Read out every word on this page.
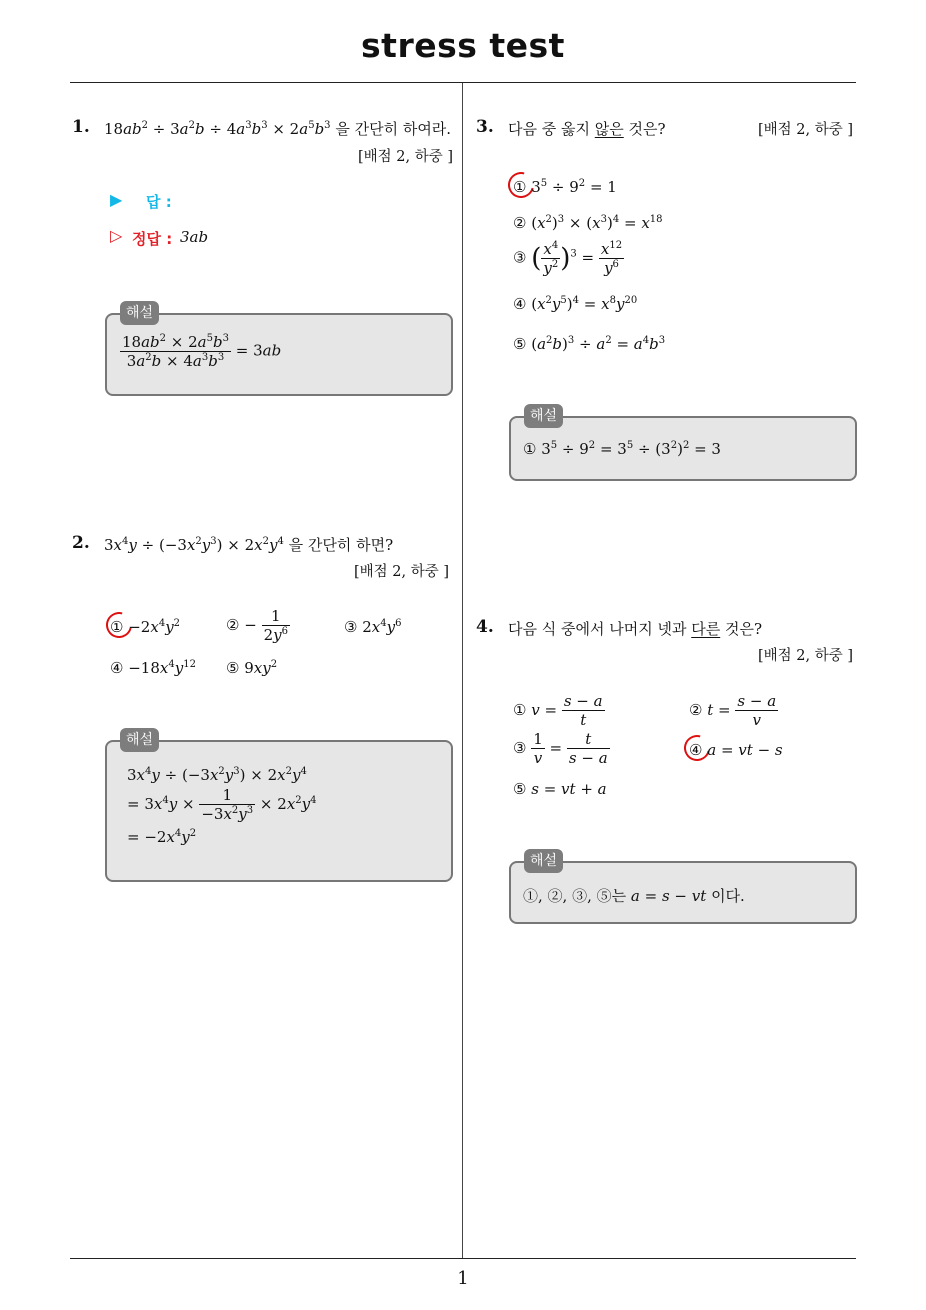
stress test
1
1. $18ab^2 \div 3a^2b \div 4a^3b^3 \times 2a^5b^3$ 을 간단히 하여라.
[배점 2, 하중 ]
▶ 답 :
▷ 정답 : 3ab
$\frac{18ab^2 \times 2a^5b^3}{3a^2b \times 4a^3b^3} = 3ab$
해설
2. $3x^4y \div (-3x^2y^3) \times 2x^2y^4$ 을 간단히 하면?
[배점 2, 하중 ]
① $-2x^4y^2$	② − $\frac{1}{2y^6}$	③ $2x^4y^6$
④ $-18x^4y^{12}$ ⑤ $9xy^2$
$3x^4y \div (-3x^2y^3) \times 2x^2y^4$
= $3x^4y \times \frac{1}{-3x^2y^3} \times 2x^2y^4$
= $-2x^4y^2$
해설
3. 다음 중 옳지 않은 것은?	[배점 2, 하중 ]
① $3^5 \div 9^2 = 1$
② $(x^2)^3 \times (x^3)^4 = x^{18}$
③ ( $\frac{x^4}{y^2} )^3 = \frac{x^{12}}{y^6}$
④ $(x^2y^5)^4 = x^8y^{20}$
⑤ $(a^2b)^3 \div a^2 = a^4b^3$
① $3^5 \div 9^2 = 3^5 \div (3^2)^2 = 3$
해설
4. 다음 식 중에서 나머지 넷과 다른 것은?
[배점 2, 하중 ]
① $v = \frac{s - a}{t}$	② $t = \frac{s - a}{v}$
③ $\frac{1}{v} = \frac{t}{s - a}$	④ a = vt − s
⑤ s = vt + a
①, ②, ③, ⑤는 a = s − vt 이다.
해설
